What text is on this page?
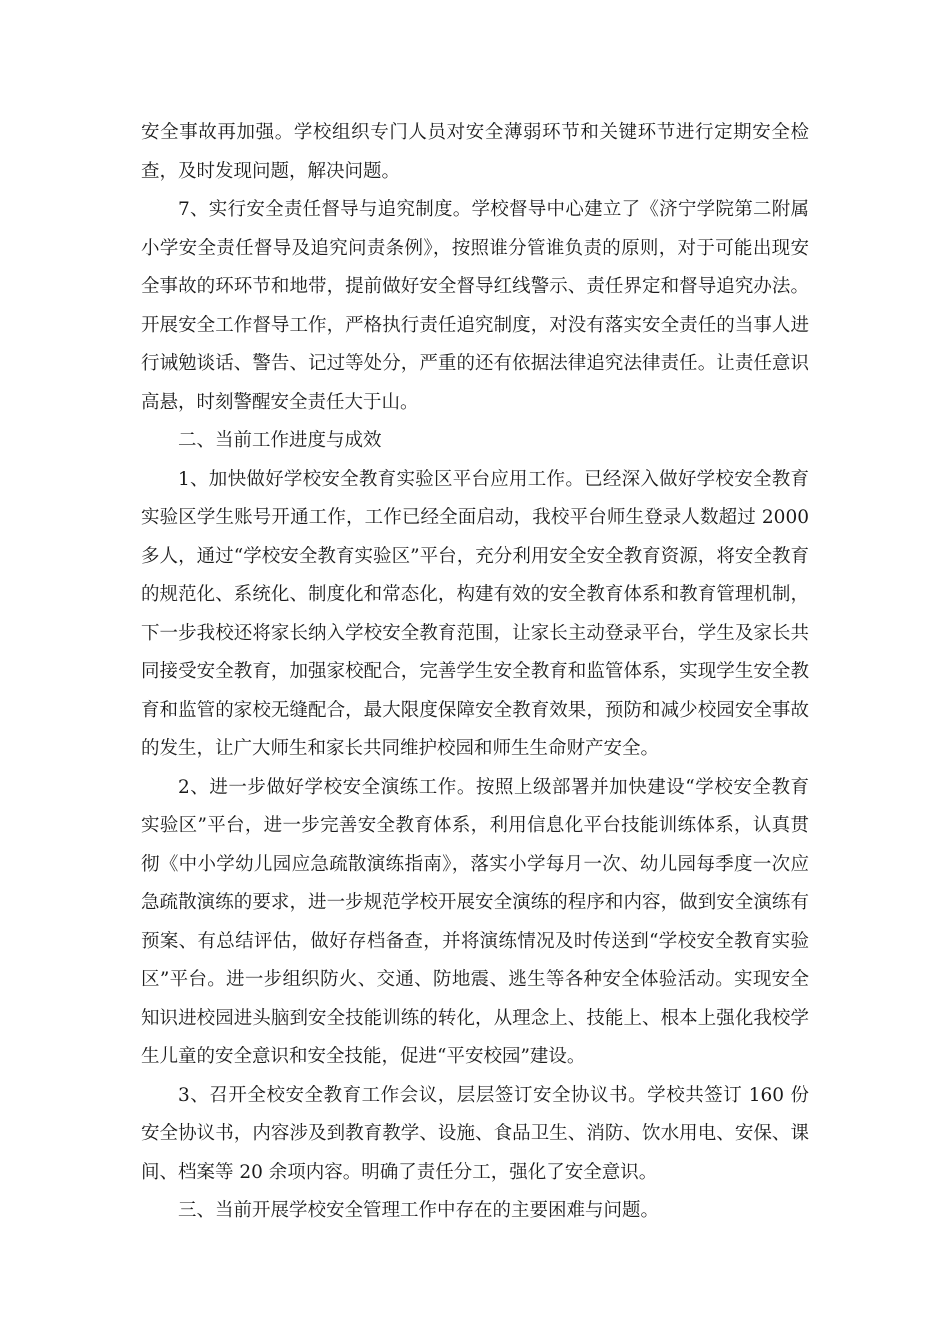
安全事故再加强。学校组织专门人员对安全薄弱环节和关键环节进行定期安全检查，及时发现问题，解决问题。

7、实行安全责任督导与追究制度。学校督导中心建立了《济宁学院第二附属小学安全责任督导及追究问责条例》，按照谁分管谁负责的原则，对于可能出现安全事故的环环节和地带，提前做好安全督导红线警示、责任界定和督导追究办法。开展安全工作督导工作，严格执行责任追究制度，对没有落实安全责任的当事人进行诫勉谈话、警告、记过等处分，严重的还有依据法律追究法律责任。让责任意识高悬，时刻警醒安全责任大于山。

二、当前工作进度与成效

1、加快做好学校安全教育实验区平台应用工作。已经深入做好学校安全教育实验区学生账号开通工作，工作已经全面启动，我校平台师生登录人数超过 2000 多人，通过“学校安全教育实验区”平台，充分利用安全安全教育资源，将安全教育的规范化、系统化、制度化和常态化，构建有效的安全教育体系和教育管理机制，下一步我校还将家长纳入学校安全教育范围，让家长主动登录平台，学生及家长共同接受安全教育，加强家校配合，完善学生安全教育和监管体系，实现学生安全教育和监管的家校无缝配合，最大限度保障安全教育效果，预防和减少校园安全事故的发生，让广大师生和家长共同维护校园和师生生命财产安全。

2、进一步做好学校安全演练工作。按照上级部署并加快建设“学校安全教育实验区”平台，进一步完善安全教育体系，利用信息化平台技能训练体系，认真贯彻《中小学幼儿园应急疏散演练指南》，落实小学每月一次、幼儿园每季度一次应急疏散演练的要求，进一步规范学校开展安全演练的程序和内容，做到安全演练有预案、有总结评估，做好存档备查，并将演练情况及时传送到“学校安全教育实验区”平台。进一步组织防火、交通、防地震、逃生等各种安全体验活动。实现安全知识进校园进头脑到安全技能训练的转化，从理念上、技能上、根本上强化我校学生儿童的安全意识和安全技能，促进“平安校园”建设。

3、召开全校安全教育工作会议，层层签订安全协议书。学校共签订 160 份安全协议书，内容涉及到教育教学、设施、食品卫生、消防、饮水用电、安保、课间、档案等 20 余项内容。明确了责任分工，强化了安全意识。

三、当前开展学校安全管理工作中存在的主要困难与问题。
